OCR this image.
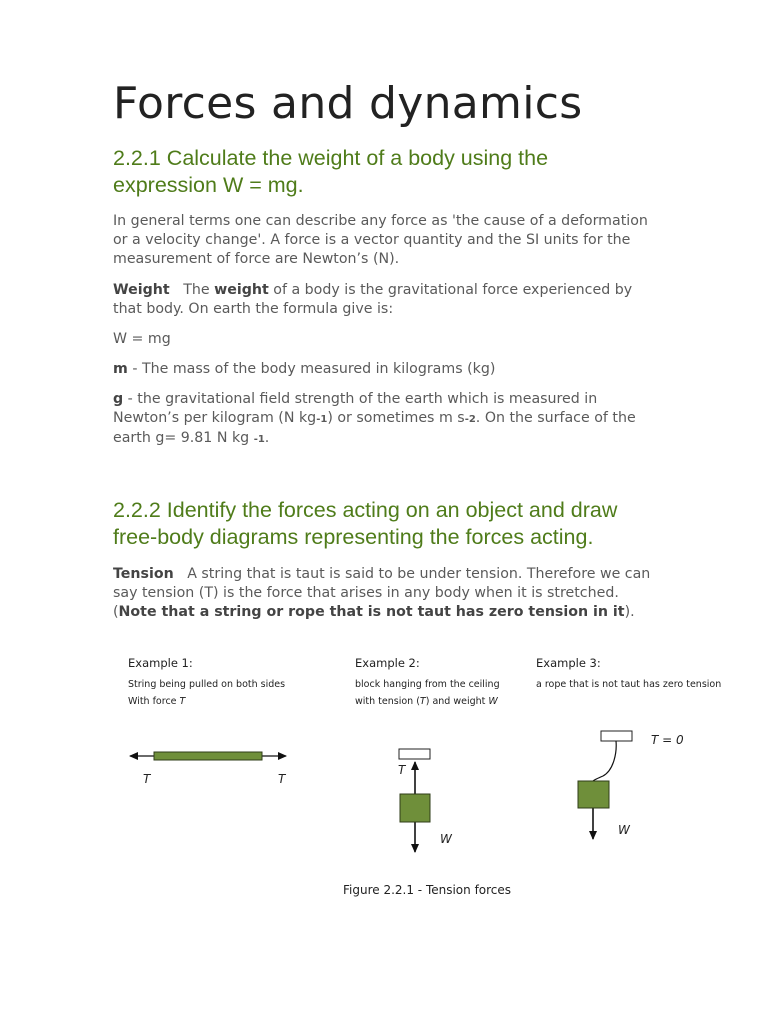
Forces and dynamics
2.2.1 Calculate the weight of a body using the
expression W = mg.

In general terms one can describe any force as 'the cause of a deformation or a velocity change'. A force is a vector quantity and the SI units for the measurement of force are Newton’s (N).

Weight The weight of a body is the gravitational force experienced by that body. On earth the formula give is:

W = mg

m - The mass of the body measured in kilograms (kg)

g - the gravitational field strength of the earth which is measured in Newton’s per kilogram (N kg-1) or sometimes m s-2. On the surface of the earth g= 9.81 N kg -1.

2.2.2 Identify the forces acting on an object and draw
free-body diagrams representing the forces acting.

Tension A string that is taut is said to be under tension. Therefore we can say tension (T) is the force that arises in any body when it is stretched. (Note that a string or rope that is not taut has zero tension in it).

Example 1:
String being pulled on both sides
With force T
T	T
Example 2:
block hanging from the ceiling
with tension (T) and weight W
T
W
Example 3:
a rope that is not taut has zero tension
T = 0
W
Figure 2.2.1 - Tension forces
